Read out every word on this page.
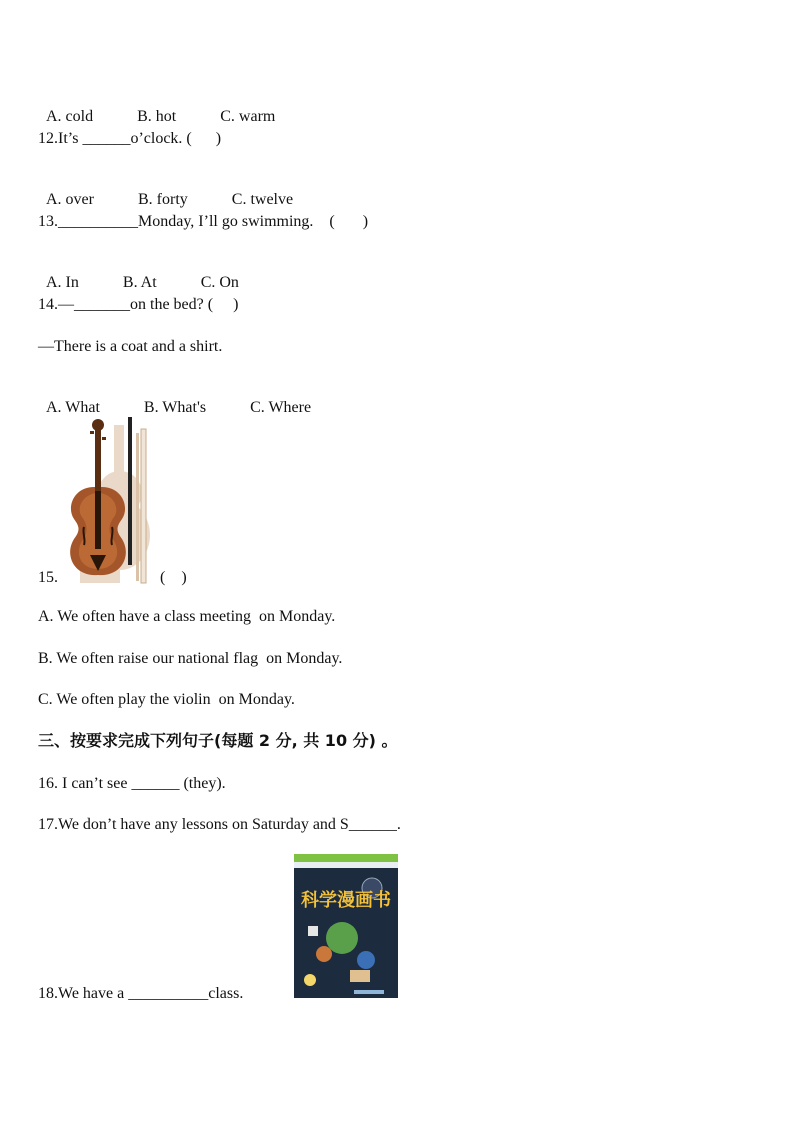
A. cold	B. hot	C. warm

12.It’s ______o’clock. (      )

A. over	B. forty	C. twelve

13.__________Monday, I’ll go swimming.    (       )

A. In	B. At	C. On

14.—_______on the bed? (     )
—There is a coat and a shirt.

A. What	B. What's	C. Where

15.	(    )
A. We often have a class meeting  on Monday.
B. We often raise our national flag  on Monday.
C. We often play the violin  on Monday.
三、按要求完成下列句子(每题 2 分, 共 10 分) 。
16. I can’t see ______ (they).
17.We don’t have any lessons on Saturday and S______.
科学漫画书
18.We have a __________class.
